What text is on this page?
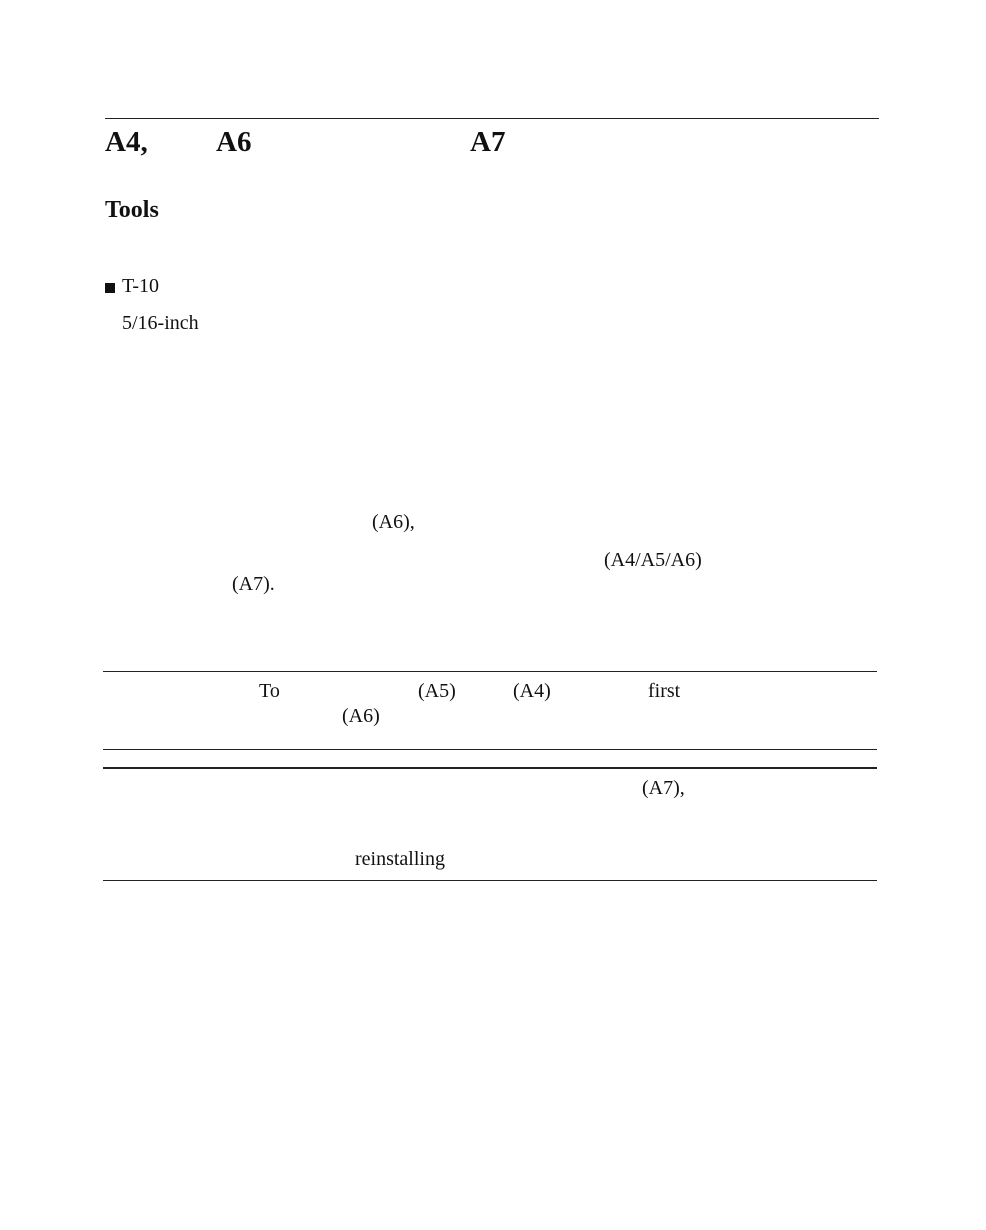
A4, A6	A7
Tools
T-10
5/16-inch
(A6),
(A4/A5/A6)
(A7).
To	(A5)	(A4)	first
(A6)
(A7),
reinstalling
